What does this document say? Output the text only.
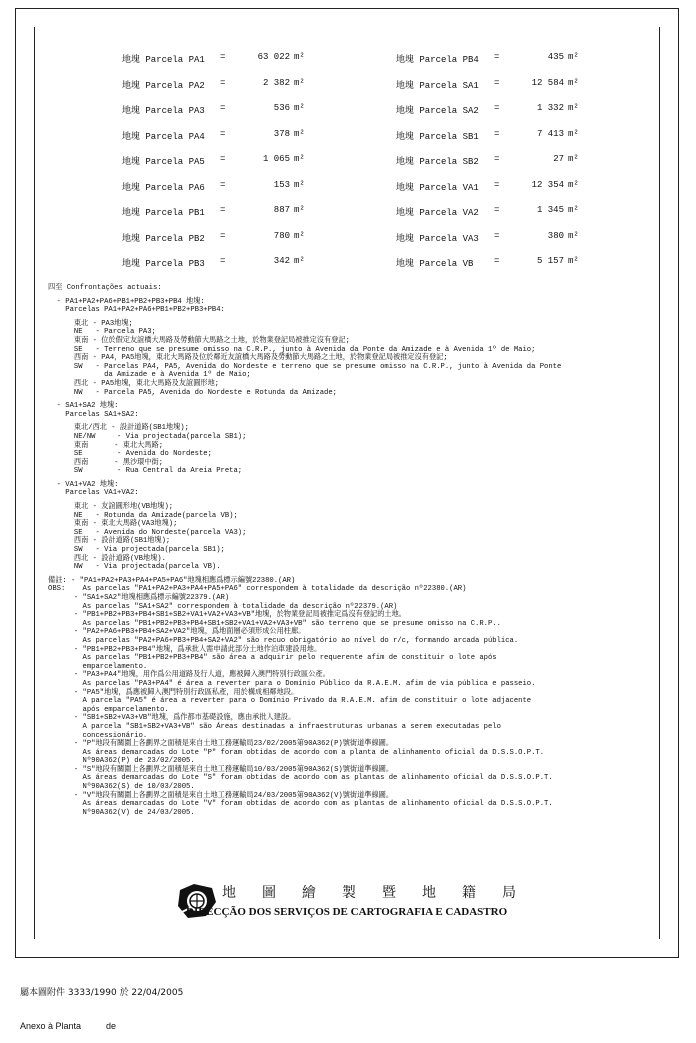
地塊 Parcela PA1 =	63 022 m²
地塊 Parcela PA2 =	2 382 m²
地塊 Parcela PA3 =	536 m²
地塊 Parcela PA4 =	378 m²
地塊 Parcela PA5 =	1 065 m²
地塊 Parcela PA6 =	153 m²
地塊 Parcela PB1 =	887 m²
地塊 Parcela PB2 =	780 m²
地塊 Parcela PB3 =	342 m²
地塊 Parcela PB4 =	435 m²
地塊 Parcela SA1 =	12 584 m²
地塊 Parcela SA2 =	1 332 m²
地塊 Parcela SB1 =	7 413 m²
地塊 Parcela SB2 =	27 m²
地塊 Parcela VA1 =	12 354 m²
地塊 Parcela VA2 =	1 345 m²
地塊 Parcela VA3 =	380 m²
地塊 Parcela VB =	5 157 m²
四至 Confrontações actuais:
- PA1+PA2+PA6+PB1+PB2+PB3+PB4 地塊:
Parcelas PA1+PA2+PA6+PB1+PB2+PB3+PB4:
東北 - PA3地塊;
NE   - Parcela PA3;
東南 - 位於假定友誼橋大馬路及勞動節大馬路之土地，於物業登記局被推定沒有登記;
SE   - Terreno que se presume omisso na C.R.P., junto à Avenida da Ponte da Amizade e à Avenida 1º de Maio;
西南 - PA4，PA5地塊，東北大馬路及位於鄰近友誼橋大馬路及勞動節大馬路之土地，於物業登記局被推定沒有登記;
SW   - Parcelas PA4, PA5, Avenida do Nordeste e terreno que se presume omisso na C.R.P., junto à Avenida da Ponte
da Amizade e à Avenida 1º de Maio;
西北 - PA5地塊，東北大馬路及友誼圓形地;
NW   - Parcela PA5, Avenida do Nordeste e Rotunda da Amizade;
- SA1+SA2 地塊:
Parcelas SA1+SA2:
東北/西北 - 設計道路(SB1地塊);
NE/NW     - Via projectada(parcela SB1);
東南      - 東北大馬路;
SE        - Avenida do Nordeste;
西南      - 黑沙環中街;
SW        - Rua Central da Areia Preta;
- VA1+VA2 地塊:
Parcelas VA1+VA2:
東北 - 友誼圓形地(VB地塊);
NE   - Rotunda da Amizade(parcela VB);
東南 - 東北大馬路(VA3地塊);
SE   - Avenida do Nordeste(parcela VA3);
西南 - 設計道路(SB1地塊);
SW   - Via projectada(parcela SB1);
西北 - 設計道路(VB地塊).
NW   - Via projectada(parcela VB).
備註: - "PA1+PA2+PA3+PA4+PA5+PA6"地塊相應爲標示編號22380.(AR)
OBS:    As parcelas "PA1+PA2+PA3+PA4+PA5+PA6" correspondem à totalidade da descrição nº22380.(AR)
- "SA1+SA2"地塊相應爲標示編號22379.(AR)
As parcelas "SA1+SA2" correspondem à totalidade da descrição nº22379.(AR)
- "PB1+PB2+PB3+PB4+SB1+SB2+VA1+VA2+VA3+VB"地塊，於物業登記局被推定爲沒有登記的土地。
As parcelas "PB1+PB2+PB3+PB4+SB1+SB2+VA1+VA2+VA3+VB" são terreno que se presume omisso na C.R.P..
- "PA2+PA6+PB3+PB4+SA2+VA2"地塊，爲地面層必須形成公用柱廊。
As parcelas "PA2+PA6+PB3+PB4+SA2+VA2" são recuo obrigatório ao nível do r/c, formando arcada pública.
- "PB1+PB2+PB3+PB4"地塊，爲承批人需申請此部分土地作泊車建設用地。
As parcelas "PB1+PB2+PB3+PB4" são área a adquirir pelo requerente afim de constituir o lote após
emparcelamento.
- "PA3+PA4"地塊，用作爲公用道路及行人道，應被歸入澳門特別行政區公產。
As parcelas "PA3+PA4" é área a reverter para o Domínio Público da R.A.E.M. afim de via pública e passeio.
- "PA5"地塊，爲應被歸入澳門特別行政區私產，用於構成相鄰地段。
A parcela "PA5" é área a reverter para o Domínio Privado da R.A.E.M. afim de constituir o lote adjacente
após emparcelamento.
- "SB1+SB2+VA3+VB"地塊，爲作都市基礎設施，應由承批人建設。
A parcela "SB1+SB2+VA3+VB" são Áreas destinadas a infraestruturas urbanas a serem executadas pelo
concessionário.
- "P"地段有關圍上各劃界之面積是來自土地工務運輸局23/02/2005第90A362(P)號街道準線圖。
As áreas demarcadas do Lote "P" foram obtidas de acordo com a planta de alinhamento oficial da D.S.S.O.P.T.
Nº90A362(P) de 23/02/2005.
- "S"地段有關圍上各劃界之面積是來自土地工務運輸局10/03/2005第90A362(S)號街道準線圖。
As áreas demarcadas do Lote "S" foram obtidas de acordo com as plantas de alinhamento oficial da D.S.S.O.P.T.
Nº90A362(S) de 10/03/2005.
- "V"地段有關圍上各劃界之面積是來自土地工務運輸局24/03/2005第90A362(V)號街道準線圖。
As áreas demarcadas do Lote "V" foram obtidas de acordo com as plantas de alinhamento oficial da D.S.S.O.P.T.
Nº90A362(V) de 24/03/2005.
地圖繪製暨地籍局
DIRECÇÃO DOS SERVIÇOS DE CARTOGRAFIA E CADASTRO

屬本圖附件 3333/1990 於 22/04/2005

Anexo à Planta          de
